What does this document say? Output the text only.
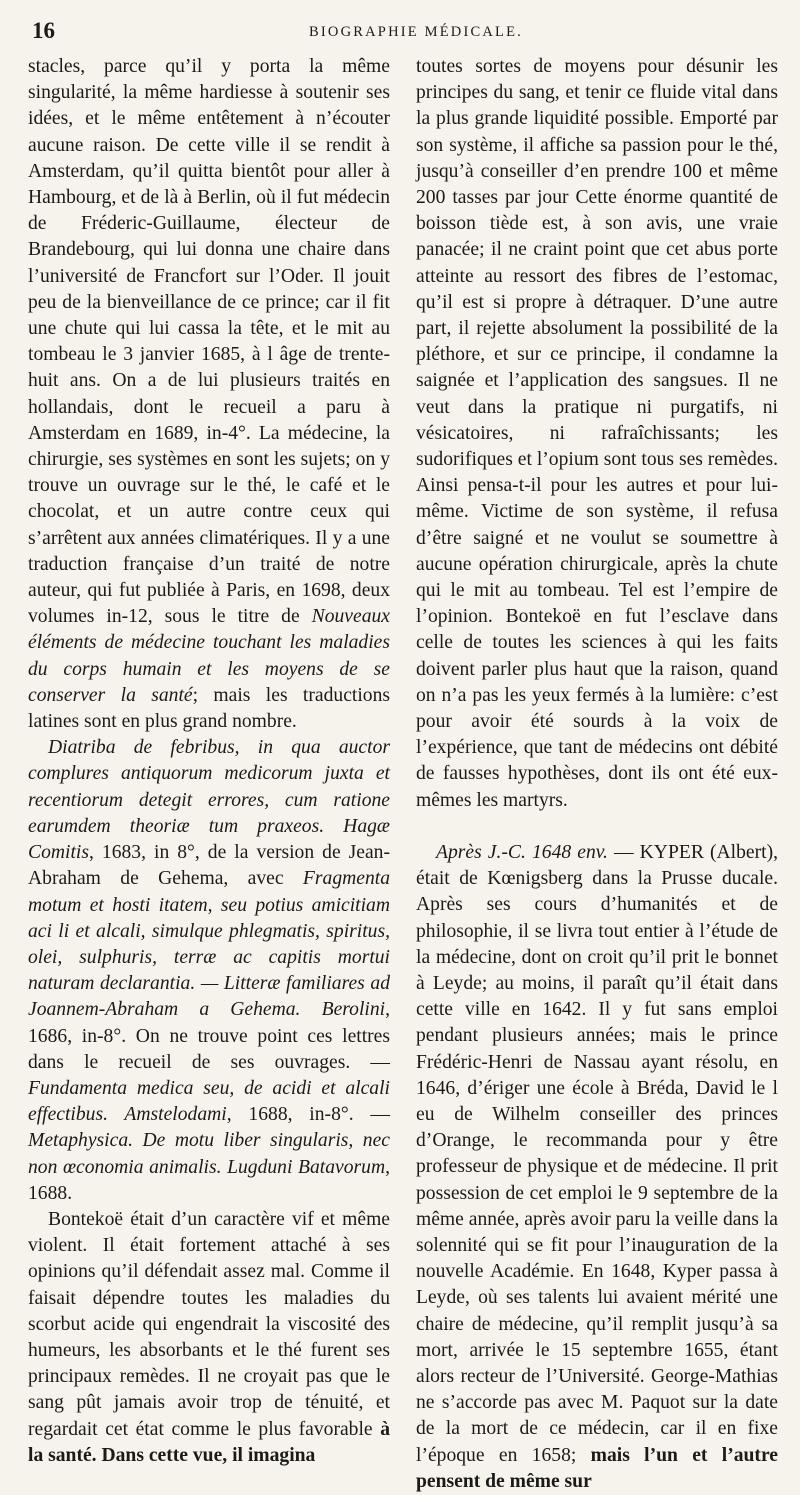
16	BIOGRAPHIE MÉDICALE.

stacles, parce qu’il y porta la même singularité, la même hardiesse à soutenir ses idées, et le même entêtement à n’écouter aucune raison. De cette ville il se rendit à Amsterdam, qu’il quitta bientôt pour aller à Hambourg, et de là à Berlin, où il fut médecin de Fréderic-Guillaume, électeur de Brandebourg, qui lui donna une chaire dans l’université de Francfort sur l’Oder. Il jouit peu de la bienveillance de ce prince; car il fit une chute qui lui cassa la tête, et le mit au tombeau le 3 janvier 1685, à l âge de trente-huit ans. On a de lui plusieurs traités en hollandais, dont le recueil a paru à Amsterdam en 1689, in-4°. La médecine, la chirurgie, ses systèmes en sont les sujets; on y trouve un ouvrage sur le thé, le café et le chocolat, et un autre contre ceux qui s’arrêtent aux années climatériques. Il y a une traduction française d’un traité de notre auteur, qui fut publiée à Paris, en 1698, deux volumes in-12, sous le titre de Nouveaux éléments de médecine touchant les maladies du corps humain et les moyens de se conserver la santé; mais les traductions latines sont en plus grand nombre.

Diatriba de febribus, in qua auctor complures antiquorum medicorum juxta et recentiorum detegit errores, cum ratione earumdem theoriæ tum praxeos. Hagæ Comitis, 1683, in 8°, de la version de Jean-Abraham de Gehema, avec Fragmenta motum et hosti itatem, seu potius amicitiam aci li et alcali, simulque phlegmatis, spiritus, olei, sulphuris, terræ ac capitis mortui naturam declarantia. — Litteræ familiares ad Joannem-Abraham a Gehema. Berolini, 1686, in-8°. On ne trouve point ces lettres dans le recueil de ses ouvrages. — Fundamenta medica seu, de acidi et alcali effectibus. Amstelodami, 1688, in-8°. — Metaphysica. De motu liber singularis, nec non œconomia animalis. Lugduni Batavorum, 1688.

Bontekoë était d’un caractère vif et même violent. Il était fortement attaché à ses opinions qu’il défendait assez mal. Comme il faisait dépendre toutes les maladies du scorbut acide qui engendrait la viscosité des humeurs, les absorbants et le thé furent ses principaux remèdes. Il ne croyait pas que le sang pût jamais avoir trop de ténuité, et regardait cet état comme le plus favorable à la santé. Dans cette vue, il imagina

toutes sortes de moyens pour désunir les principes du sang, et tenir ce fluide vital dans la plus grande liquidité possible. Emporté par son système, il affiche sa passion pour le thé, jusqu’à conseiller d’en prendre 100 et même 200 tasses par jour Cette énorme quantité de boisson tiède est, à son avis, une vraie panacée; il ne craint point que cet abus porte atteinte au ressort des fibres de l’estomac, qu’il est si propre à détraquer. D’une autre part, il rejette absolument la possibilité de la pléthore, et sur ce principe, il condamne la saignée et l’application des sangsues. Il ne veut dans la pratique ni purgatifs, ni vésicatoires, ni rafraîchissants; les sudorifiques et l’opium sont tous ses remèdes. Ainsi pensa-t-il pour les autres et pour lui-même. Victime de son système, il refusa d’être saigné et ne voulut se soumettre à aucune opération chirurgicale, après la chute qui le mit au tombeau. Tel est l’empire de l’opinion. Bontekoë en fut l’esclave dans celle de toutes les sciences à qui les faits doivent parler plus haut que la raison, quand on n’a pas les yeux fermés à la lumière: c’est pour avoir été sourds à la voix de l’expérience, que tant de médecins ont débité de fausses hypothèses, dont ils ont été eux-mêmes les martyrs.

Après J.-C. 1648 env. — KYPER (Albert), était de Kœnigsberg dans la Prusse ducale. Après ses cours d’humanités et de philosophie, il se livra tout entier à l’étude de la médecine, dont on croit qu’il prit le bonnet à Leyde; au moins, il paraît qu’il était dans cette ville en 1642. Il y fut sans emploi pendant plusieurs années; mais le prince Frédéric-Henri de Nassau ayant résolu, en 1646, d’ériger une école à Bréda, David le l eu de Wilhelm conseiller des princes d’Orange, le recommanda pour y être professeur de physique et de médecine. Il prit possession de cet emploi le 9 septembre de la même année, après avoir paru la veille dans la solennité qui se fit pour l’inauguration de la nouvelle Académie. En 1648, Kyper passa à Leyde, où ses talents lui avaient mérité une chaire de médecine, qu’il remplit jusqu’à sa mort, arrivée le 15 septembre 1655, étant alors recteur de l’Université. George-Mathias ne s’accorde pas avec M. Paquot sur la date de la mort de ce médecin, car il en fixe l’époque en 1658; mais l’un et l’autre pensent de même sur
